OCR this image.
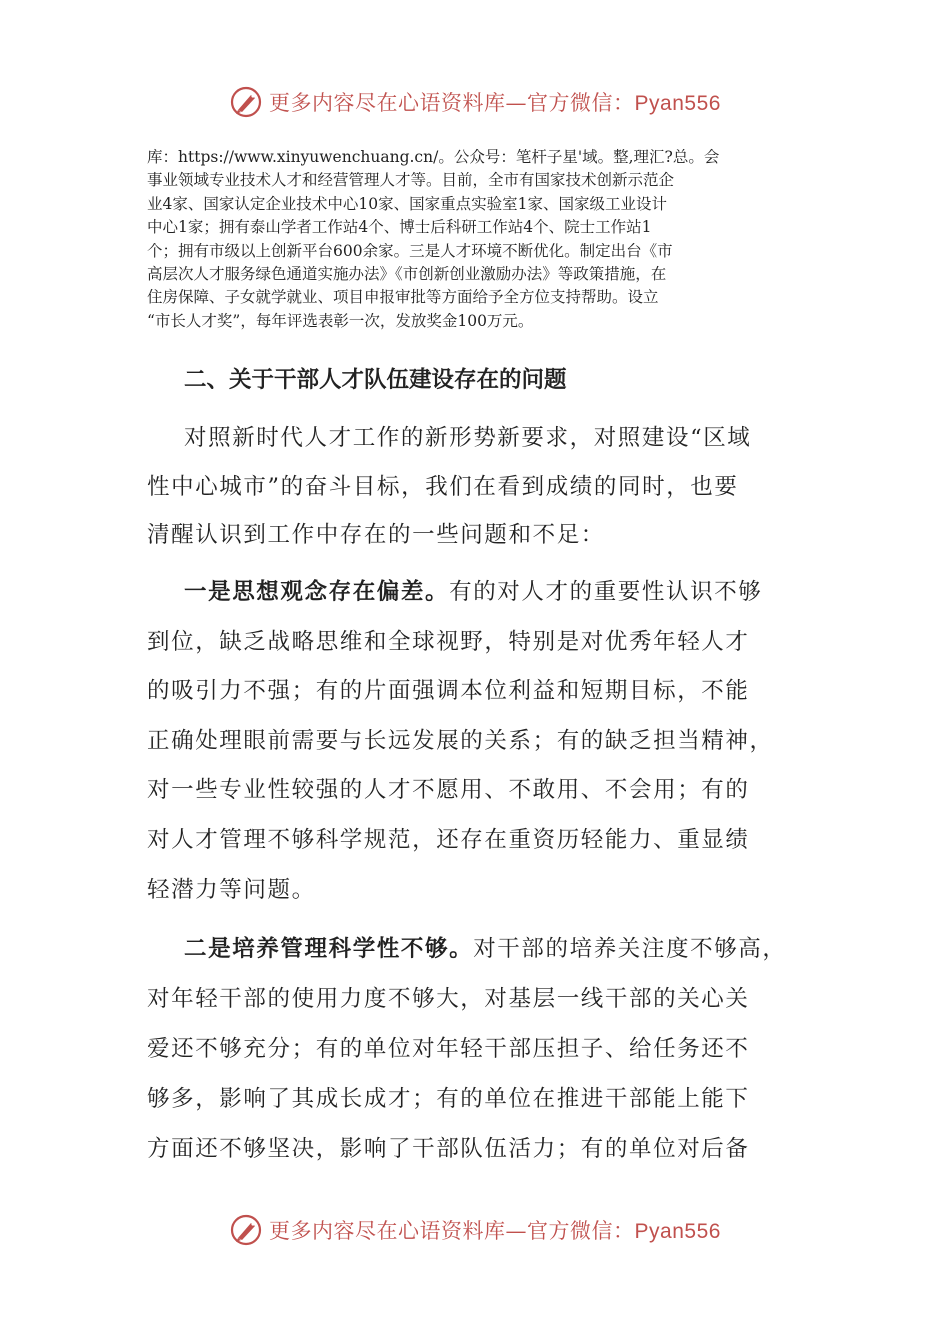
更多内容尽在心语资料库—官方微信：Pyan556

库：https://www.xinyuwenchuang.cn/。公众号：笔杆子星'域。整,理汇?总。会

事业领域专业技术人才和经营管理人才等。目前，全市有国家技术创新示范企

业4家、国家认定企业技术中心10家、国家重点实验室1家、国家级工业设计

中心1家；拥有泰山学者工作站4个、博士后科研工作站4个、院士工作站1

个；拥有市级以上创新平台600余家。三是人才环境不断优化。制定出台《市

高层次人才服务绿色通道实施办法》《市创新创业激励办法》等政策措施，在

住房保障、子女就学就业、项目申报审批等方面给予全方位支持帮助。设立

“市长人才奖”，每年评选表彰一次，发放奖金100万元。

二、关于干部人才队伍建设存在的问题

对照新时代人才工作的新形势新要求，对照建设“区域

性中心城市”的奋斗目标，我们在看到成绩的同时，也要

清醒认识到工作中存在的一些问题和不足：

一是思想观念存在偏差。有的对人才的重要性认识不够

到位，缺乏战略思维和全球视野，特别是对优秀年轻人才

的吸引力不强；有的片面强调本位利益和短期目标，不能

正确处理眼前需要与长远发展的关系；有的缺乏担当精神，

对一些专业性较强的人才不愿用、不敢用、不会用；有的

对人才管理不够科学规范，还存在重资历轻能力、重显绩

轻潜力等问题。

二是培养管理科学性不够。对干部的培养关注度不够高，

对年轻干部的使用力度不够大，对基层一线干部的关心关

爱还不够充分；有的单位对年轻干部压担子、给任务还不

够多，影响了其成长成才；有的单位在推进干部能上能下

方面还不够坚决，影响了干部队伍活力；有的单位对后备

更多内容尽在心语资料库—官方微信：Pyan556
